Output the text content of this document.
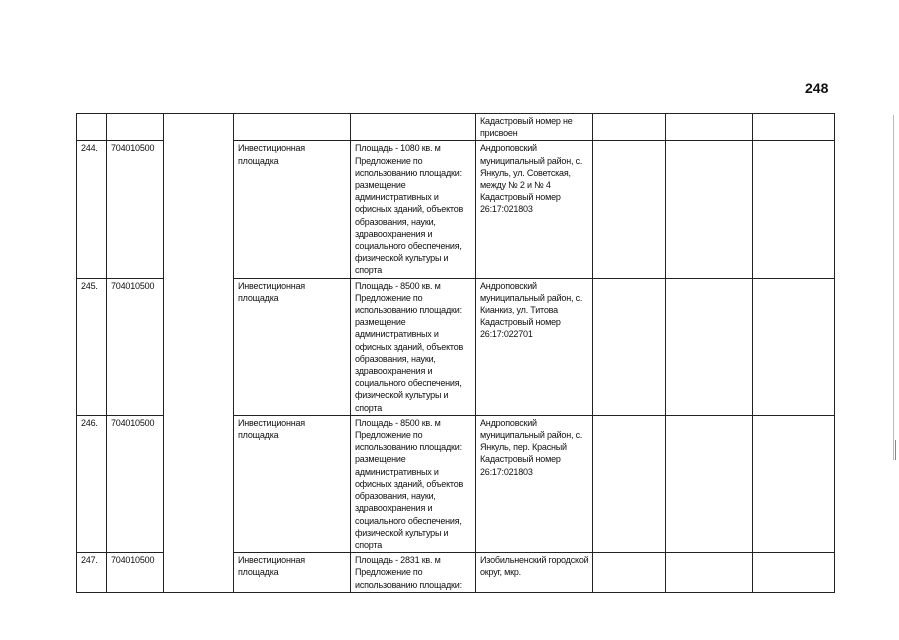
248
					Кадастровый номер не присвоен			
244.	704010500		Инвестиционная площадка	Площадь - 1080 кв. м Предложение по использованию площадки: размещение административных и офисных зданий, объектов образования, науки, здравоохранения и социального обеспечения, физической культуры и спорта	Андроповский муниципальный район, с. Янкуль, ул. Советская, между № 2 и № 4 Кадастровый номер 26:17:021803			
245.	704010500		Инвестиционная площадка	Площадь - 8500 кв. м Предложение по использованию площадки: размещение административных и офисных зданий, объектов образования, науки, здравоохранения и социального обеспечения, физической культуры и спорта	Андроповский муниципальный район, с. Кианкиз, ул. Титова Кадастровый номер 26:17:022701			
246.	704010500		Инвестиционная площадка	Площадь - 8500 кв. м Предложение по использованию площадки: размещение административных и офисных зданий, объектов образования, науки, здравоохранения и социального обеспечения, физической культуры и спорта	Андроповский муниципальный район, с. Янкуль, пер. Красный Кадастровый номер 26:17:021803			
247.	704010500		Инвестиционная площадка	Площадь - 2831 кв. м Предложение по использованию площадки:	Изобильненский городской округ, мкр.			
